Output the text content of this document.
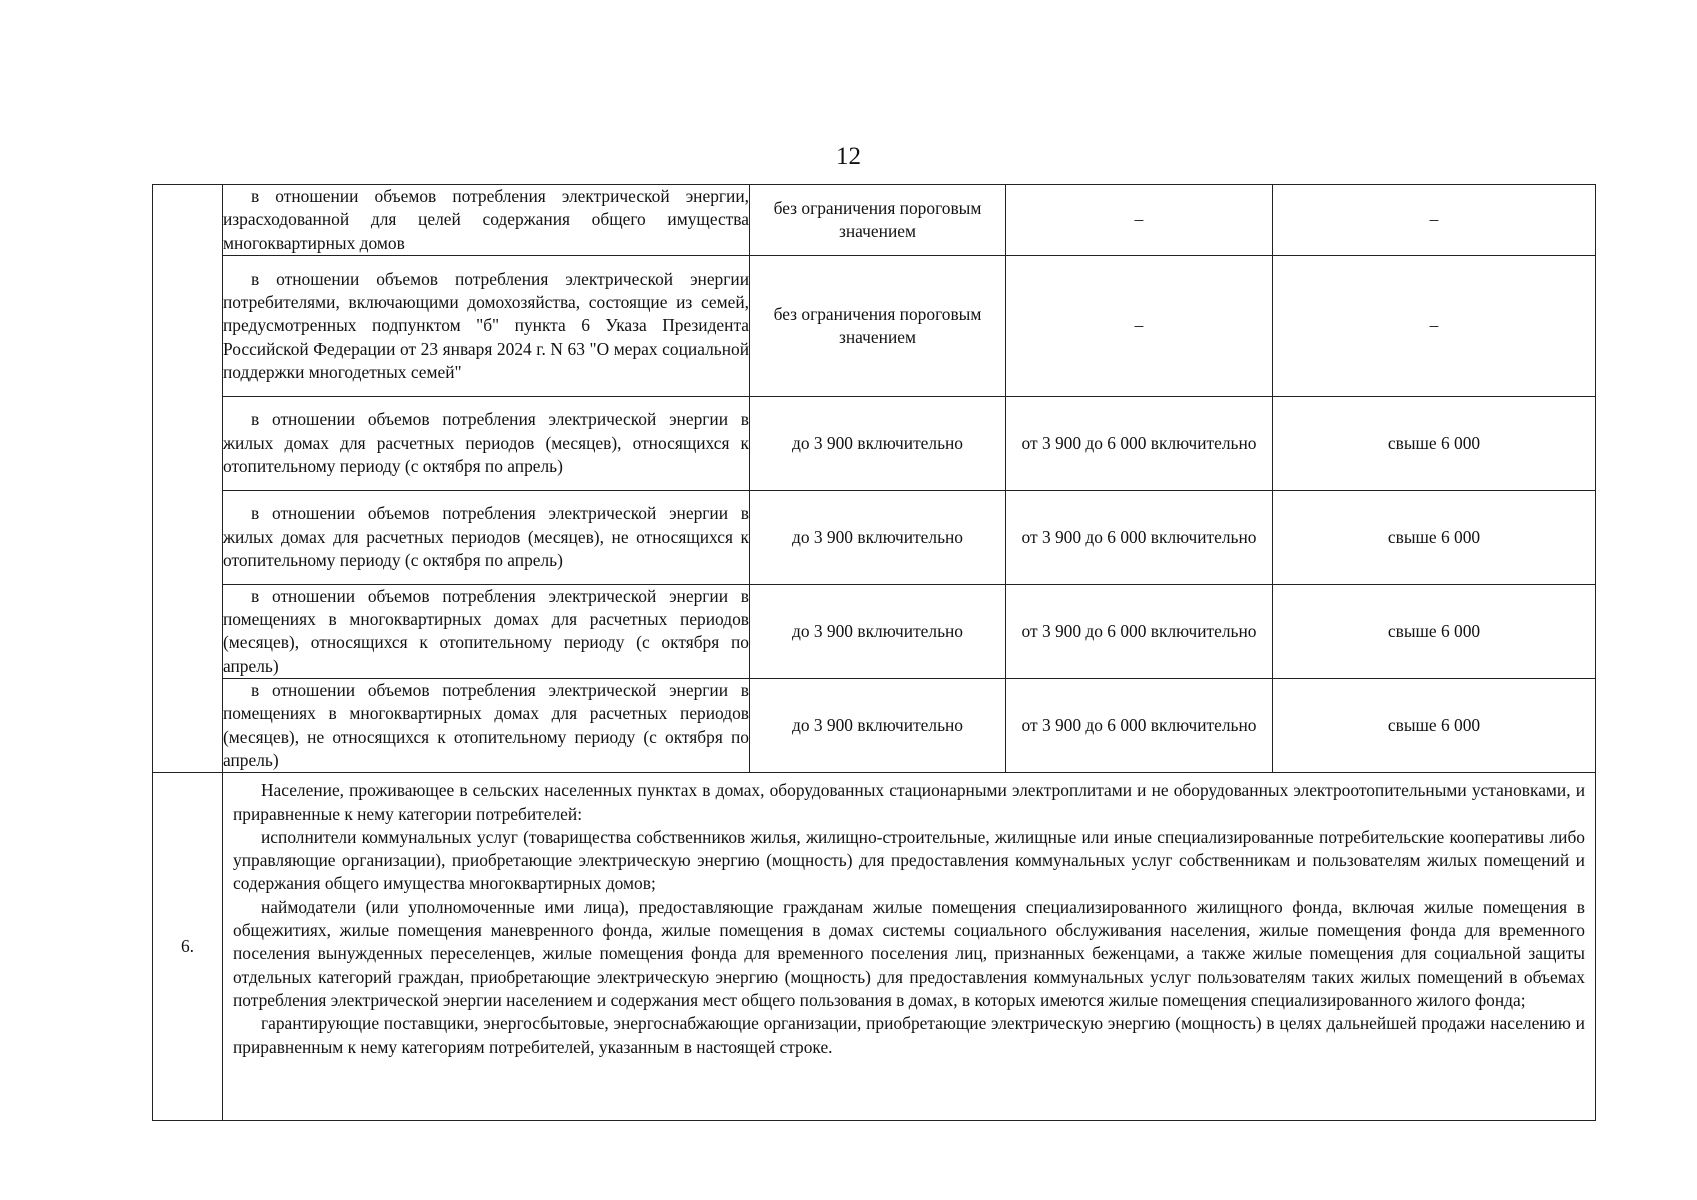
12
	в отношении объемов потребления электрической энергии, израсходованной для целей содержания общего имущества многоквартирных домов	без ограничения пороговым значением	–	–
	в отношении объемов потребления электрической энергии потребителями, включающими домохозяйства, состоящие из семей, предусмотренных подпунктом "б" пункта 6 Указа Президента Российской Федерации от 23 января 2024 г. N 63 "О мерах социальной поддержки многодетных семей"	без ограничения пороговым значением	–	–
	в отношении объемов потребления электрической энергии в жилых домах для расчетных периодов (месяцев), относящихся к отопительному периоду (с октября по апрель)	до 3 900 включительно	от 3 900 до 6 000 включительно	свыше 6 000
	в отношении объемов потребления электрической энергии в жилых домах для расчетных периодов (месяцев), не относящихся к отопительному периоду (с октября по апрель)	до 3 900 включительно	от 3 900 до 6 000 включительно	свыше 6 000
	в отношении объемов потребления электрической энергии в помещениях в многоквартирных домах для расчетных периодов (месяцев), относящихся к отопительному периоду (с октября по апрель)	до 3 900 включительно	от 3 900 до 6 000 включительно	свыше 6 000
	в отношении объемов потребления электрической энергии в помещениях в многоквартирных домах для расчетных периодов (месяцев), не относящихся к отопительному периоду (с октября по апрель)	до 3 900 включительно	от 3 900 до 6 000 включительно	свыше 6 000
6.	Население, проживающее в сельских населенных пунктах в домах, оборудованных стационарными электроплитами и не оборудованных электроотопительными установками, и приравненные к нему категории потребителей:

исполнители коммунальных услуг (товарищества собственников жилья, жилищно-строительные, жилищные или иные специализированные потребительские кооперативы либо управляющие организации), приобретающие электрическую энергию (мощность) для предоставления коммунальных услуг собственникам и пользователям жилых помещений и содержания общего имущества многоквартирных домов;

наймодатели (или уполномоченные ими лица), предоставляющие гражданам жилые помещения специализированного жилищного фонда, включая жилые помещения в общежитиях, жилые помещения маневренного фонда, жилые помещения в домах системы социального обслуживания населения, жилые помещения фонда для временного поселения вынужденных переселенцев, жилые помещения фонда для временного поселения лиц, признанных беженцами, а также жилые помещения для социальной защиты отдельных категорий граждан, приобретающие электрическую энергию (мощность) для предоставления коммунальных услуг пользователям таких жилых помещений в объемах потребления электрической энергии населением и содержания мест общего пользования в домах, в которых имеются жилые помещения специализированного жилого фонда;

гарантирующие поставщики, энергосбытовые, энергоснабжающие организации, приобретающие электрическую энергию (мощность) в целях дальнейшей продажи населению и приравненным к нему категориям потребителей, указанным в настоящей строке.			
